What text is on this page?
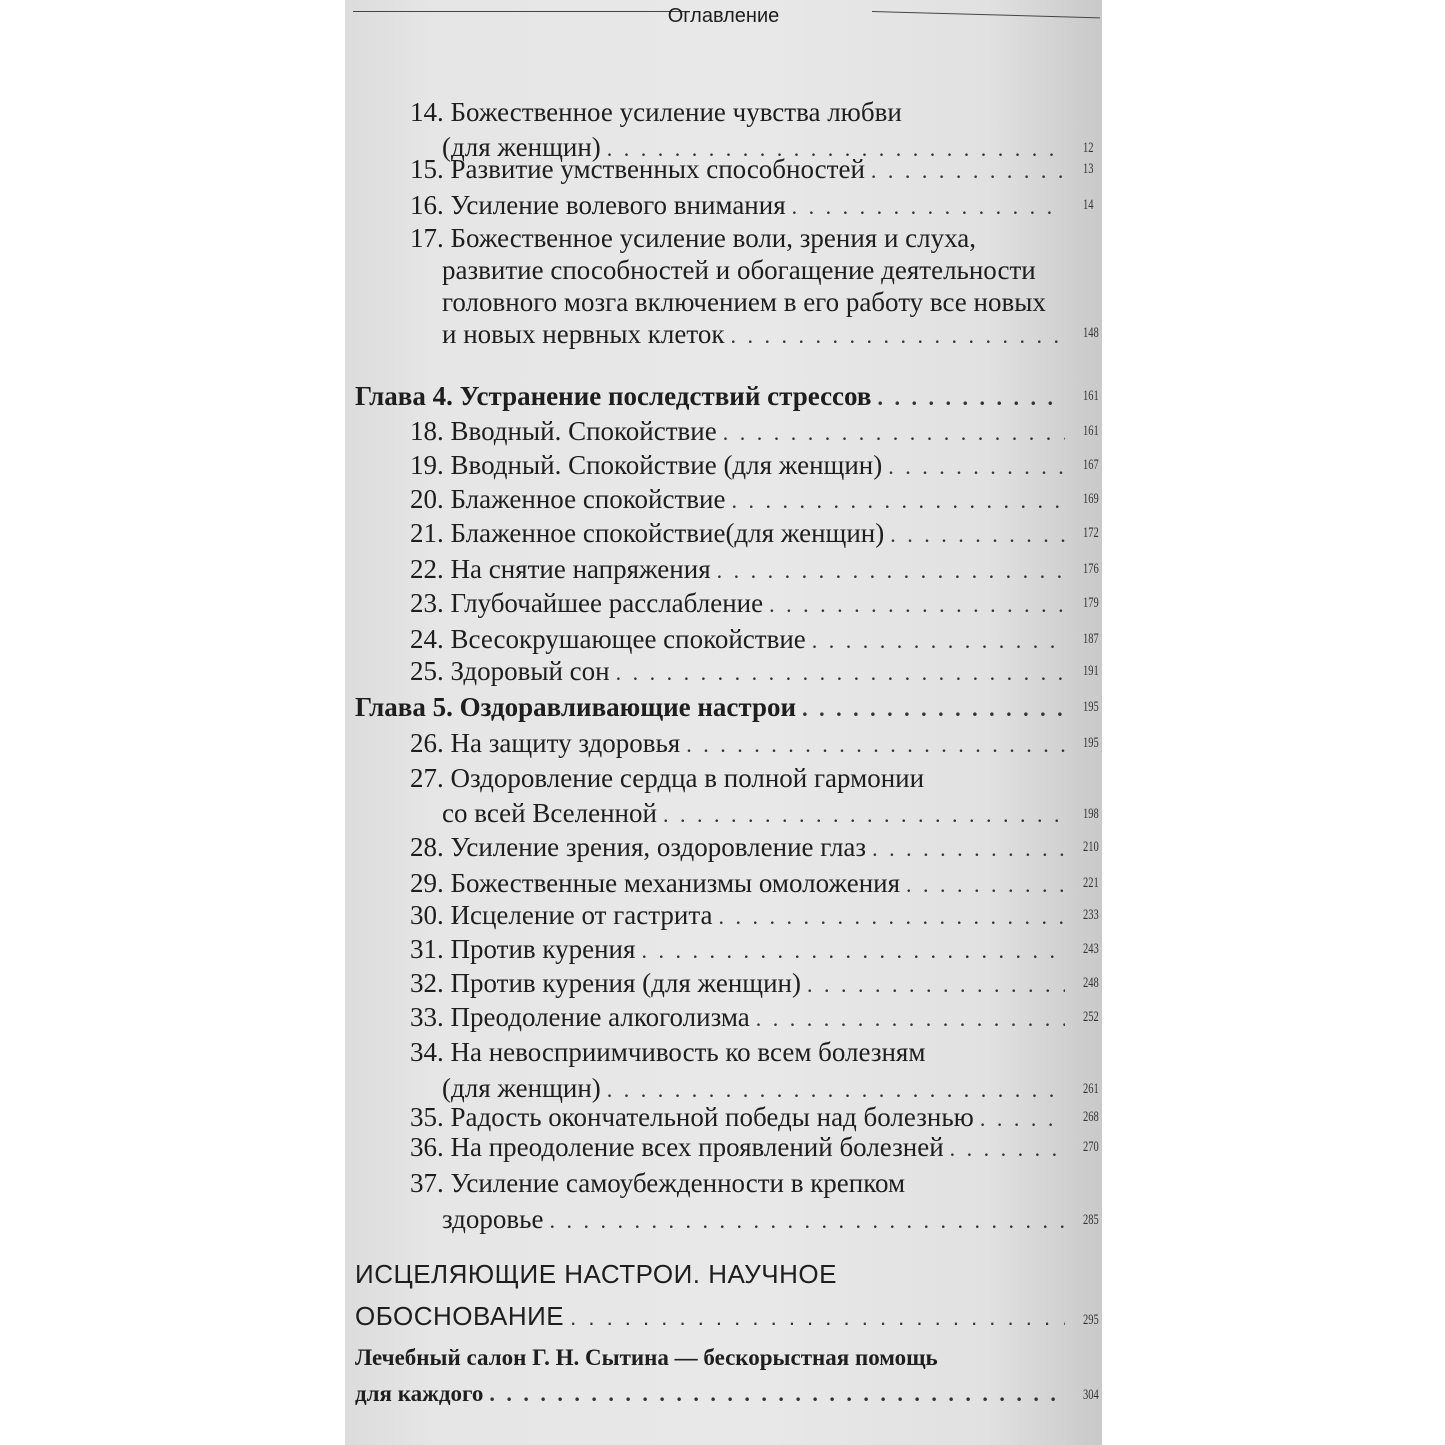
Оглавление
14. Божественное усиление чувства любви
(для женщин) . . .	12
15. Развитие умственных способностей . . .	13
16. Усиление волевого внимания . . .	14
17. Божественное усиление воли, зрения и слуха,
развитие способностей и обогащение деятельности
головного мозга включением в его работу все новых
и новых нервных клеток . . .	148
Глава 4. Устранение последствий стрессов . . .	161
18. Вводный. Спокойствие . . .	161
19. Вводный. Спокойствие (для женщин) . . .	167
20. Блаженное спокойствие . . .	169
21. Блаженное спокойствие(для женщин) . . .	172
22. На снятие напряжения . . .	176
23. Глубочайшее расслабление . . .	179
24. Всесокрушающее спокойствие . . .	187
25. Здоровый сон . . .	191
Глава 5. Оздоравливающие настрои . . .	195
26. На защиту здоровья . . .	195
27. Оздоровление сердца в полной гармонии
со всей Вселенной . . .	198
28. Усиление зрения, оздоровление глаз . . .	210
29. Божественные механизмы омоложения . . .	221
30. Исцеление от гастрита . . .	233
31. Против курения . . .	243
32. Против курения (для женщин) . . .	248
33. Преодоление алкоголизма . . .	252
34. На невосприимчивость ко всем болезням
(для женщин) . . .	261
35. Радость окончательной победы над болезнью . . .	268
36. На преодоление всех проявлений болезней . . .	270
37. Усиление самоубежденности в крепком
здоровье . . .	285
ИСЦЕЛЯЮЩИЕ НАСТРОИ. НАУЧНОЕ
ОБОСНОВАНИЕ . . .	295
Лечебный салон Г. Н. Сытина — бескорыстная помощь
для каждого . . .	304
